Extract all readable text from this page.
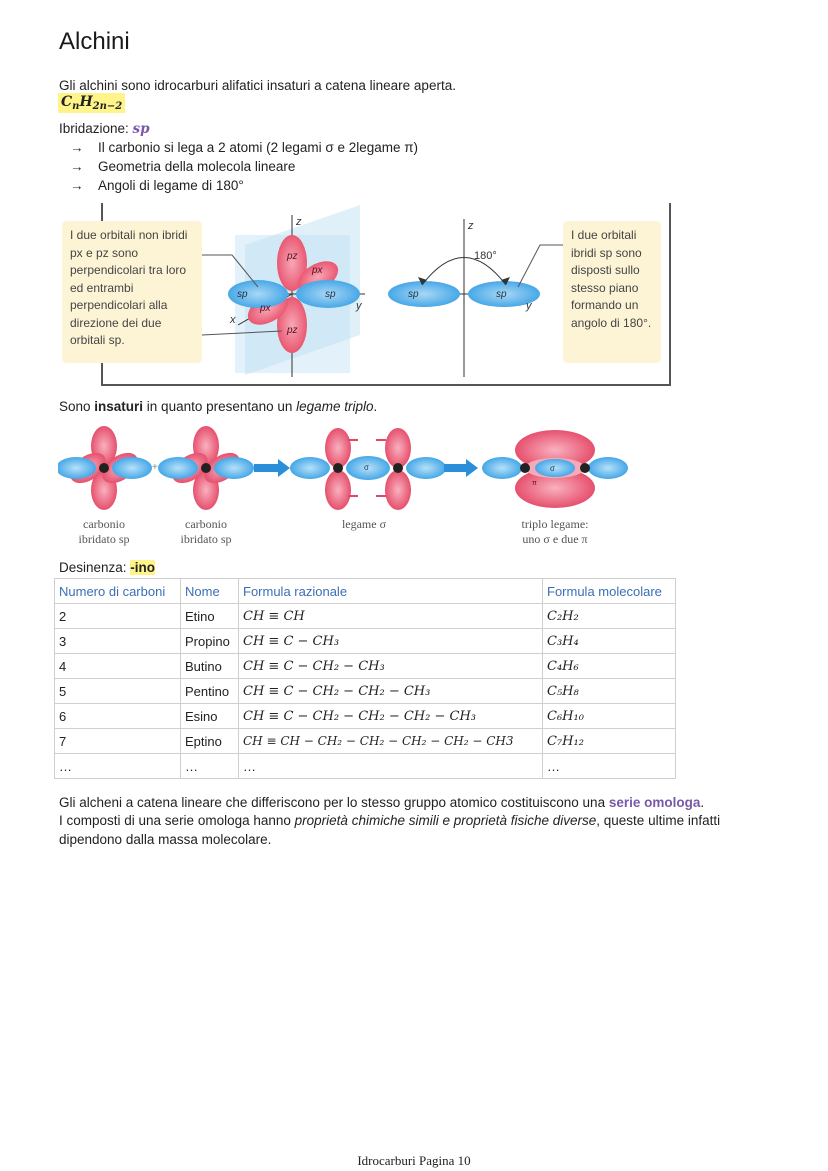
Alchini
Gli alchini sono idrocarburi alifatici insaturi a catena lineare aperta.
$C_nH_{2n-2}$
Ibridazione: sp
→ Il carbonio si lega a 2 atomi (2 legami σ e 2legame π)
→ Geometria della molecola lineare
→ Angoli di legame di 180°
I due orbitali non ibridi px e pz sono perpendicolari tra loro ed entrambi perpendicolari alla direzione dei due orbitali sp.
I due orbitali ibridi sp sono disposti sullo stesso piano formando un angolo di 180°.
z
y
x
sp	sp
pz
pz
px
px
180°
z
y
sp	sp
Sono insaturi in quanto presentano un legame triplo.
+	σ	σ
π
carbonio
ibridato sp
carbonio
ibridato sp
legame σ	triplo legame:
uno σ e due π
Desinenza: -ino
Numero di carboni	Nome	Formula razionale	Formula molecolare
2	Etino	CH ≡ CH	C₂H₂
3	Propino	CH ≡ C − CH₃	C₃H₄
4	Butino	CH ≡ C − CH₂ − CH₃	C₄H₆
5	Pentino	CH ≡ C − CH₂ − CH₂ − CH₃	C₅H₈
6	Esino	CH ≡ C − CH₂ − CH₂ − CH₂ − CH₃	C₆H₁₀
7	Eptino	CH ≡ CH − CH₂ − CH₂ − CH₂ − CH₂ − CH3	C₇H₁₂
…	…	…	…
Gli alcheni a catena lineare che differiscono per lo stesso gruppo atomico costituiscono una serie omologa.
I composti di una serie omologa hanno proprietà chimiche simili e proprietà fisiche diverse, queste ultime infatti
dipendono dalla massa molecolare.
Idrocarburi Pagina 10
